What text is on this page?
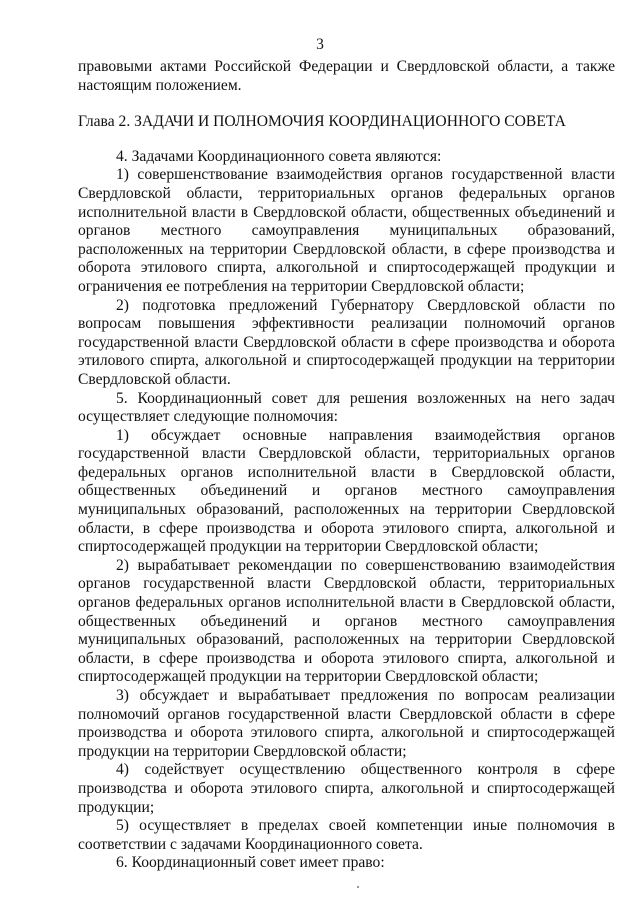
3

правовыми актами Российской Федерации и Свердловской области, а также настоящим положением.

Глава 2. ЗАДАЧИ И ПОЛНОМОЧИЯ КООРДИНАЦИОННОГО СОВЕТА

4. Задачами Координационного совета являются:

1) совершенствование взаимодействия органов государственной власти Свердловской области, территориальных органов федеральных органов исполнительной власти в Свердловской области, общественных объединений и органов местного самоуправления муниципальных образований, расположенных на территории Свердловской области, в сфере производства и оборота этилового спирта, алкогольной и спиртосодержащей продукции и ограничения ее потребления на территории Свердловской области;

2) подготовка предложений Губернатору Свердловской области по вопросам повышения эффективности реализации полномочий органов государственной власти Свердловской области в сфере производства и оборота этилового спирта, алкогольной и спиртосодержащей продукции на территории Свердловской области.

5. Координационный совет для решения возложенных на него задач осуществляет следующие полномочия:

1) обсуждает основные направления взаимодействия органов государственной власти Свердловской области, территориальных органов федеральных органов исполнительной власти в Свердловской области, общественных объединений и органов местного самоуправления муниципальных образований, расположенных на территории Свердловской области, в сфере производства и оборота этилового спирта, алкогольной и спиртосодержащей продукции на территории Свердловской области;

2) вырабатывает рекомендации по совершенствованию взаимодействия органов государственной власти Свердловской области, территориальных органов федеральных органов исполнительной власти в Свердловской области, общественных объединений и органов местного самоуправления муниципальных образований, расположенных на территории Свердловской области, в сфере производства и оборота этилового спирта, алкогольной и спиртосодержащей продукции на территории Свердловской области;

3) обсуждает и вырабатывает предложения по вопросам реализации полномочий органов государственной власти Свердловской области в сфере производства и оборота этилового спирта, алкогольной и спиртосодержащей продукции на территории Свердловской области;

4) содействует осуществлению общественного контроля в сфере производства и оборота этилового спирта, алкогольной и спиртосодержащей продукции;

5) осуществляет в пределах своей компетенции иные полномочия в соответствии с задачами Координационного совета.

6. Координационный совет имеет право:
